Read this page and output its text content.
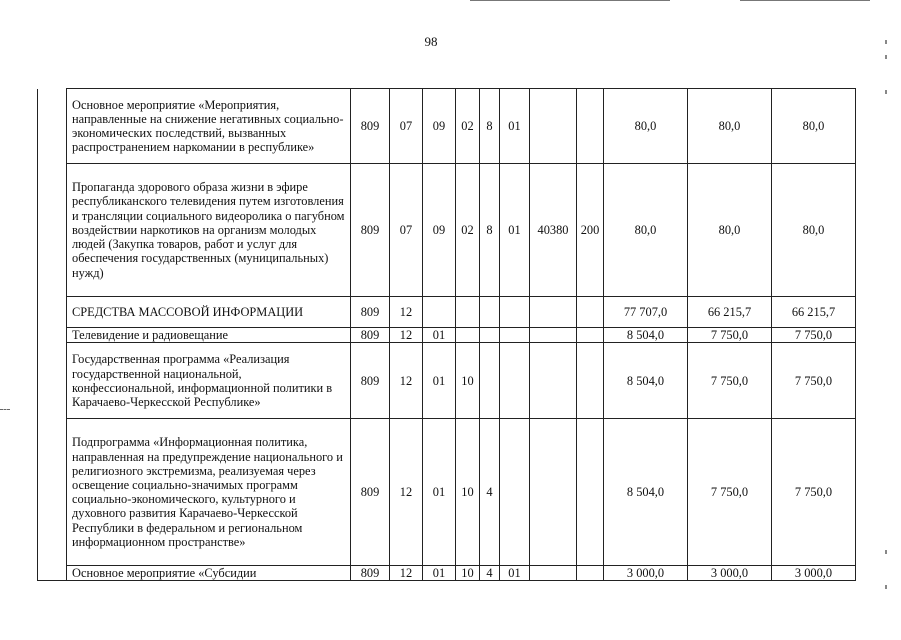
98
	Основное мероприятие «Мероприятия, направленные на снижение негативных социально-экономических последствий, вызванных распространением наркомании в республике»	809	07	09	02	8	01			80,0	80,0	80,0
	Пропаганда здорового образа жизни в эфире республиканского телевидения путем изготовления и трансляции социального видеоролика о пагубном воздействии наркотиков на организм молодых людей (Закупка товаров, работ и услуг для обеспечения государственных (муниципальных) нужд)	809	07	09	02	8	01	40380	200	80,0	80,0	80,0
	СРЕДСТВА МАССОВОЙ ИНФОРМАЦИИ	809	12							77 707,0	66 215,7	66 215,7
	Телевидение и радиовещание	809	12	01						8 504,0	7 750,0	7 750,0
	Государственная программа «Реализация государственной национальной, конфессиональной, информационной политики в Карачаево-Черкесской Республике»	809	12	01	10					8 504,0	7 750,0	7 750,0
	Подпрограмма «Информационная политика, направленная на предупреждение национального и религиозного экстремизма, реализуемая через освещение социально-значимых программ социально-экономического, культурного и духовного развития Карачаево-Черкесской Республики в федеральном и региональном информационном пространстве»	809	12	01	10	4				8 504,0	7 750,0	7 750,0
	Основное мероприятие «Субсидии	809	12	01	10	4	01			3 000,0	3 000,0	3 000,0
